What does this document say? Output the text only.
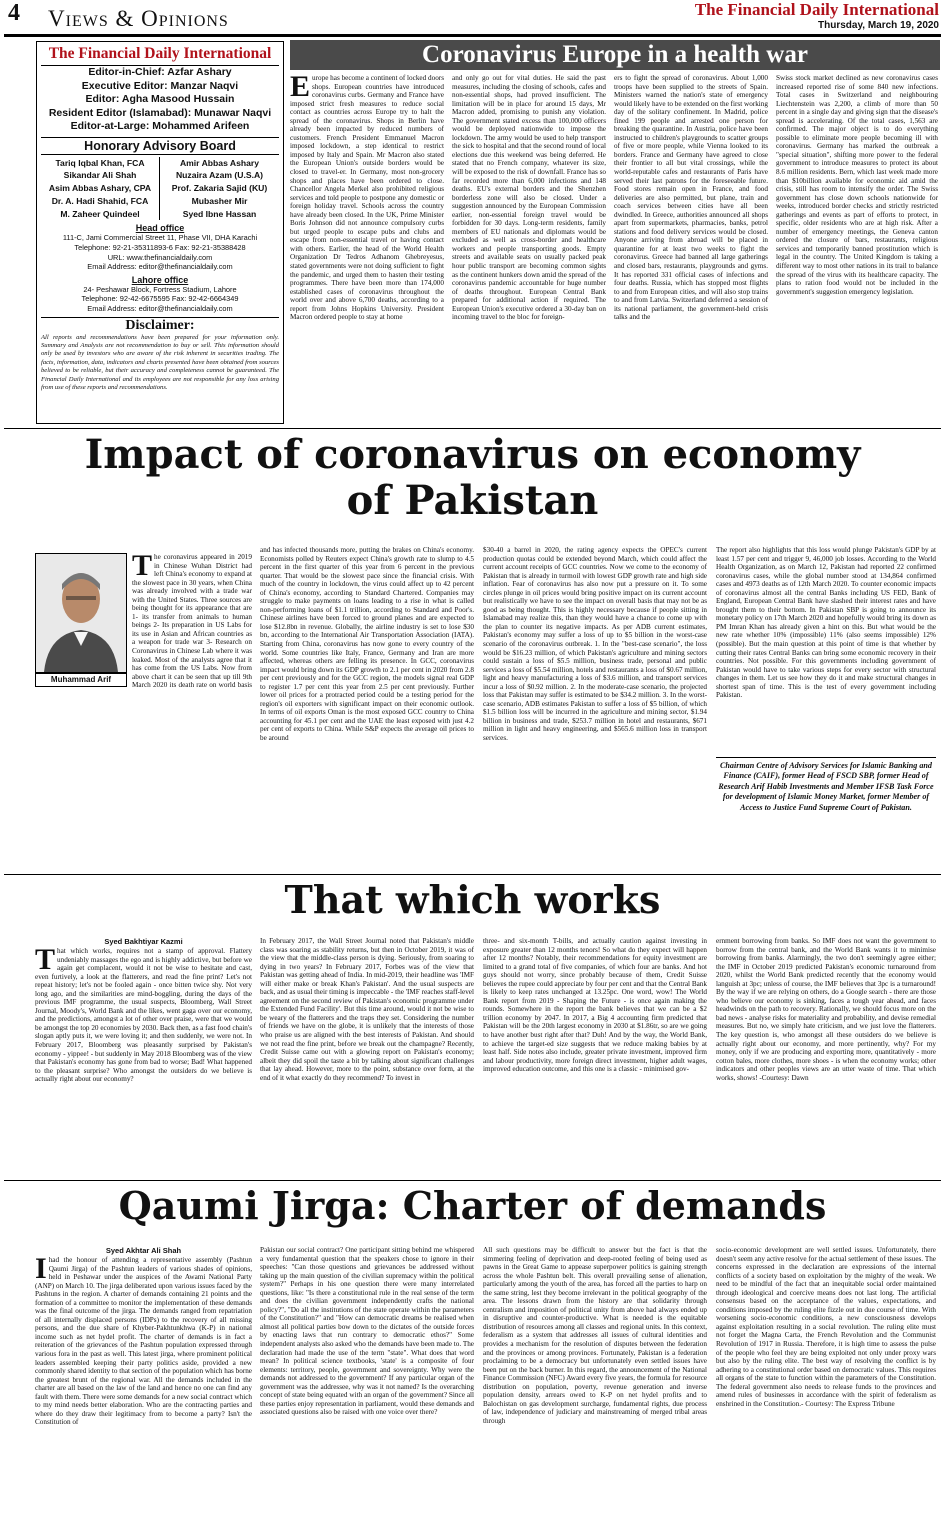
4 Views & Opinions	The Financial Daily International
Thursday, March 19, 2020
The Financial Daily International
Editor-in-Chief: Azfar Ashary
Executive Editor: Manzar Naqvi
Editor: Agha Masood Hussain
Resident Editor (Islamabad): Munawar Naqvi
Editor-at-Large: Mohammed Arifeen
Honorary Advisory Board
Tariq Iqbal Khan, FCA	Amir Abbas Ashary
Sikandar Ali Shah	Nuzaira Azam (U.S.A)
Asim Abbas Ashary, CPA	Prof. Zakaria Sajid (KU)
Dr. A. Hadi Shahid, FCA	Mubasher Mir
M. Zaheer Quindeel	Syed Ibne Hassan
Head office
111-C, Jami Commercial Street 11, Phase VII, DHA Karachi
Telephone: 92-21-35311893-6 Fax: 92-21-35388428
URL: www.thefinancialdaily.com
Email Address: editor@thefinancialdaily.com
Lahore office
24- Peshawar Block, Fortress Stadium, Lahore
Telephone: 92-42-6675595 Fax: 92-42-6664349
Email Address: editor@thefinancialdaily.com
Disclaimer:
All reports and recommendations have been prepared for your information only. Summary and Analysis are not recommendation to buy or sell. This information should only be used by investors who are aware of the risk inherent in securities trading. The facts, information, data, indicators and charts presented have been obtained from sources believed to be reliable, but their accuracy and completeness cannot be guaranteed. The Financial Daily International and its employees are not responsible for any loss arising from use of these reports and recommendations.
Coronavirus Europe in a health war
Europe has become a continent of locked doors shops. European countries have introduced coronavirus curbs. Germany and France have imposed strict fresh measures to reduce social contact as countries across Europe try to halt the spread of the coronavirus. Shops in Berlin have already been impacted by reduced numbers of customers. French President Emmanuel Macron imposed lockdown, a step identical to restrict imposed by Italy and Spain. Mr Macron also stated the European Union's outside borders would be closed to travel-er. In Germany, most non-grocery shops and places have been ordered to close. Chancellor Angela Merkel also prohibited religious services and told people to postpone any domestic or foreign holiday travel. Schools across the country have already been closed. In the UK, Prime Minister Boris Johnson did not announce compulsory curbs but urged people to escape pubs and clubs and escape from non-essential travel or having contact with others. Earlier, the head of the World Health Organization Dr Tedros Adhanom Ghebreyesus, stated governments were not doing sufficient to fight the pandemic, and urged them to hasten their testing programmes. There have been more than 174,000 established cases of coronavirus throughout the world over and above 6,700 deaths, according to a report from Johns Hopkins University. President Macron ordered people to stay at home
and only go out for vital duties. He said the past measures, including the closing of schools, cafes and non-essential shops, had proved insufficient. The limitation will be in place for around 15 days, Mr Macron added, promising to punish any violation. The government stated excess than 100,000 officers would be deployed nationwide to impose the lockdown. The army would be used to help transport the sick to hospital and that the second round of local elections due this weekend was being deferred. He stated that no French company, whatever its size, will be exposed to the risk of downfall. France has so far recorded more than 6,000 infections and 148 deaths. EU's external borders and the Shenzhen borderless zone will also be closed. Under a suggestion announced by the European Commission earlier, non-essential foreign travel would be forbidden for 30 days. Long-term residents, family members of EU nationals and diplomats would be excluded as well as cross-border and healthcare workers and people transporting goods. Empty streets and available seats on usually packed peak hour public transport are becoming common sights as the continent hunkers down amid the spread of the coronavirus pandemic accountable for huge number of deaths throughout. European Central Bank prepared for additional action if required. The European Union's executive ordered a 30-day ban on incoming travel to the bloc for foreign-
ers to fight the spread of coronavirus. About 1,000 troops have been supplied to the streets of Spain. Ministers warned the nation's state of emergency would likely have to be extended on the first working day of the solitary confinement. In Madrid, police fined 199 people and arrested one person for breaking the quarantine. In Austria, police have been instructed to children's playgrounds to scatter groups of five or more people, while Vienna looked to its borders. France and Germany have agreed to close their frontier to all but vital crossings, while the world-reputable cafes and restaurants of Paris have served their last patrons for the foreseeable future. Food stores remain open in France, and food deliveries are also permitted, but plane, train and coach services between cities have all been dwindled. In Greece, authorities announced all shops apart from supermarkets, pharmacies, banks, petrol stations and food delivery services would be closed. Anyone arriving from abroad will be placed in quarantine for at least two weeks to fight the coronavirus. Greece had banned all large gatherings and closed bars, restaurants, playgrounds and gyms. It has reported 331 official cases of infections and four deaths. Russia, which has stopped most flights to and from European cities, and will also stop trains to and from Latvia. Switzerland deferred a session of its national parliament, the government-held crisis talks and the
Swiss stock market declined as new coronavirus cases increased reported rise of some 840 new infections. Total cases in Switzerland and neighbouring Liechtenstein was 2,200, a climb of more than 50 percent in a single day and giving sign that the disease's spread is accelerating. Of the total cases, 1,563 are confirmed. The major object is to do everything possible to eliminate more people becoming ill with coronavirus. Germany has marked the outbreak a "special situation", shifting more power to the federal government to introduce measures to protect its about 8.6 million residents. Bern, which last week made more than $10billion available for economic aid amid the crisis, still has room to intensify the order. The Swiss government has close down schools nationwide for weeks, introduced border checks and strictly restricted gatherings and events as part of efforts to protect, in specific, older residents who are at high risk. After a number of emergency meetings, the Geneva canton ordered the closure of bars, restaurants, religious services and temporarily banned prostitution which is legal in the country. The United Kingdom is taking a different way to most other nations in its trail to balance the spread of the virus with its healthcare capacity. The plans to ration food would not be included in the government's suggestion emergency legislation.
Impact of coronavirus on economy
of Pakistan
Muhammad Arif
The coronavirus appeared in 2019 in Chinese Wuhan District had left China's economy to expand at the slowest pace in 30 years, when China was already involved with a trade war with the United States. Three sources are being thought for its appearance that are 1- its transfer from animals to human beings 2- Its preparation in US Labs for its use in Asian and African countries as a weapon for trade war 3- Research on Coronavirus in Chinese Lab where it was leaked. Most of the analysts agree that it has come from the US Labs. Now from above chart it can be seen that up till 9th March 2020 its death rate on world basis
and has infected thousands more, putting the brakes on China's economy. Economists polled by Reuters expect China's growth rate to slump to 4.5 percent in the first quarter of this year from 6 percent in the previous quarter. That would be the slowest pace since the financial crisis. With much of the country in lockdown, the virus could affect up to 42 percent of China's economy, according to Standard Chartered. Companies may struggle to make payments on loans leading to a rise in what is called non-performing loans of $1.1 trillion, according to Standard and Poor's. Chinese airlines have been forced to ground planes and are expected to lose $12.8bn in revenue. Globally, the airline industry is set to lose $30 bn, according to the International Air Transportation Association (IATA). Starting from China, coronavirus has now gone to every country of the world. Some countries like Italy, France, Germany and Iran are more affected, whereas others are felling its presence. In GCC, coronavirus impact would bring down its GDP growth to 2.1 per cent in 2020 from 2.8 per cent previously and for the GCC region, the models signal real GDP to register 1.7 per cent this year from 2.5 per cent previously. Further lower oil prices for a protracted period could be a testing period for the region's oil exporters with significant impact on their economic outlook. In terms of oil exports Oman is the most exposed GCC country to China accounting for 45.1 per cent and the UAE the least exposed with just 4.2 per cent of exports to China. While S&P expects the average oil prices to be around
$30-40 a barrel in 2020, the rating agency expects the OPEC's current production quotas could be extended beyond March, which could affect the current account receipts of GCC countries. Now we come to the economy of Pakistan that is already in turmoil with lowest GDP growth rate and high side inflation. Fear of coronavirus has also now put a pressure on it. To some circles plunge in oil prices would bring positive impact on its current account but realistically we have to see the impact on overall basis that may not be as good as being thought. This is highly necessary because if people sitting in Islamabad may realize this, than they would have a chance to come up with the plan to counter its negative impacts. As per ADB current estimates, Pakistan's economy may suffer a loss of up to $5 billion in the worst-case scenario of the coronavirus outbreak. 1. In the "best-case scenario", the loss would be $16.23 million, of which Pakistan's agriculture and mining sectors could sustain a loss of $5.5 million, business trade, personal and public services a loss of $5.54 million, hotels and restaurants a loss of $0.67 million, light and heavy manufacturing a loss of $3.6 million, and transport services incur a loss of $0.92 million. 2. In the moderate-case scenario, the projected loss that Pakistan may suffer is estimated to be $34.2 million. 3. In the worst-case scenario, ADB estimates Pakistan to suffer a loss of $5 billion, of which $1.5 billion loss will be incurred in the agriculture and mining sector, $1.94 billion in business and trade, $253.7 million in hotel and restaurants, $671 million in light and heavy engineering, and $565.6 million loss in transport services.
The report also highlights that this loss would plunge Pakistan's GDP by at least 1.57 per cent and trigger 9, 46,000 job losses. According to the World Health Organization, as on March 12, Pakistan had reported 22 confirmed coronavirus cases, while the global number stood at 134,864 confirmed cases and 4973 deaths as of 12th March 2020. To counter economic impacts of coronavirus almost all the central Banks including US FED, Bank of England, European Central Bank have slashed their interest rates and have brought them to their bottom. In Pakistan SBP is going to announce its monetary policy on 17th March 2020 and hopefully would bring its down as PM Imran Khan has already given a hint on this. But what would be the new rate whether 10% (impossible) 11% (also seems impossible) 12% (possible). But the main question at this point of time is that whether by cutting their rates Central Banks can bring some economic recovery in their countries. Not possible. For this governments including government of Pakistan would have to take various steps for every sector with structural changes in them. Let us see how they do it and make structural changes in shortest span of time. This is the test of every government including Pakistan.
Chairman Centre of Advisory Services for Islamic Banking and Finance (CAIF), former Head of FSCD SBP, former Head of Research Arif Habib Investments and Member IFSB Task Force for development of Islamic Money Market, former Member of Access to Justice Fund Supreme Court of Pakistan.
That which works
Syed Bakhtiyar Kazmi
That which works, requires not a stamp of approval. Flattery undeniably massages the ego and is highly addictive, but before we again get complacent, would it not be wise to hesitate and cast, even furtively, a look at the flatterers, and read the fine print? Let's not repeat history; let's not be fooled again - once bitten twice shy. Not very long ago, and the similarities are mind-boggling, during the days of the previous IMF programme, the usual suspects, Bloomberg, Wall Street Journal, Moody's, World Bank and the likes, went gaga over our economy, and the predictions, amongst a lot of other over praise, were that we would be amongst the top 20 economies by 2030. Back then, as a fast food chain's slogan aptly puts it, we were loving it; and then suddenly, we were not. In February 2017, Bloomberg was pleasantly surprised by Pakistan's economy - yippee! - but suddenly in May 2018 Bloomberg was of the view that Pakistan's economy has gone from bad to worse; Bad! What happened to the pleasant surprise? Who amongst the outsiders do we believe is actually right about our economy?
In February 2017, the Wall Street Journal noted that Pakistan's middle class was soaring as stability returns, but then in October 2019, it was of the view that the middle-class person is dying. Seriously, from soaring to dying in two years? In February 2017, Forbes was of the view that Pakistan was getting ahead of India. In mid-2019, their headline was 'IMF will either make or break Khan's Pakistan'. And the usual suspects are back, and as usual their timing is impeccable - the 'IMF reaches staff-level agreement on the second review of Pakistan's economic programme under the Extended Fund Facility'. But this time around, would it not be wise to be weary of the flatterers and the traps they set. Considering the number of friends we have on the globe, it is unlikely that the interests of those who praise us are aligned with the best interests of Pakistan. And should we not read the fine print, before we break out the champagne? Recently, Credit Suisse came out with a glowing report on Pakistan's economy; albeit they did spoil the taste a bit by talking about significant challenges that lay ahead. However, more to the point, substance over form, at the end of it what exactly do they recommend? To invest in
three- and six-month T-bills, and actually caution against investing in exposure greater than 12 months tenors! So what do they expect will happen after 12 months? Notably, their recommendations for equity investment are limited to a grand total of five companies, of which four are banks. And hot guys should not worry, since probably because of them, Credit Suisse believes the rupee could appreciate by four per cent and that the Central Bank is likely to keep rates unchanged at 13.25pc. One word, wow! The World Bank report from 2019 - Shaping the Future - is once again making the rounds. Somewhere in the report the bank believes that we can be a $2 trillion economy by 2047. In 2017, a Big 4 accounting firm predicted that Pakistan will be the 20th largest economy in 2030 at $1.86tr, so are we going to have another bust right after that? Duh! And by the way, the World Bank, to achieve the target-ed size suggests that we reduce making babies by at least half. Side notes also include, greater private investment, improved firm and labour productivity, more foreign direct investment, higher adult wages, improved education outcome, and this one is a classic - minimised gov-
ernment borrowing from banks. So IMF does not want the government to borrow from the central bank, and the World Bank wants it to minimise borrowing from banks. Alarmingly, the two don't seemingly agree either; the IMF in October 2019 predicted Pakistan's economic turnaround from 2020, whilst the World Bank predicted recently that the economy would languish at 3pc; unless of course, the IMF believes that 3pc is a turnaround! By the way if we are relying on others, do a Google search - there are those who believe our economy is sinking, faces a tough year ahead, and faces headwinds on the path to recovery. Rationally, we should focus more on the bad news - analyse risks for materiality and probability, and devise remedial measures. But no, we simply hate criticism, and we just love the flatterers. The key question is, who amongst all these outsiders do we believe is actually right about our economy, and more pertinently, why? For my money, only if we are producing and exporting more, quantitatively - more cotton bales, more clothes, more shoes - is when the economy works; other indicators and other peoples views are an utter waste of time. That which works, shows! -Courtesy: Dawn
Qaumi Jirga: Charter of demands
Syed Akhtar Ali Shah
Ihad the honour of attending a representative assembly (Pashtun Qaumi Jirga) of the Pashtun leaders of various shades of opinions, held in Peshawar under the auspices of the Awami National Party (ANP) on March 10. The jirga deliberated upon various issues faced by the Pashtuns in the region. A charter of demands containing 21 points and the formation of a committee to monitor the implementation of these demands was the final outcome of the jirga. The demands ranged from repatriation of all internally displaced persons (IDPs) to the recovery of all missing persons, and the due share of Khyber-Pakhtunkhwa (K-P) in national income such as net hydel profit. The charter of demands is in fact a reiteration of the grievances of the Pashtun population expressed through various fora in the past as well. This latest jirga, where prominent political leaders assembled keeping their party politics aside, provided a new commonly shared identity to that section of the population which has borne the greatest brunt of the regional war. All the demands included in the charter are all based on the law of the land and hence no one can find any fault with them. There were some demands for a new social contract which to my mind needs better elaboration. Who are the contracting parties and where do they draw their legitimacy from to become a party? Isn't the Constitution of
Pakistan our social contract? One participant sitting behind me whispered a very fundamental question that the speakers chose to ignore in their speeches: "Can those questions and grievances be addressed without taking up the main question of the civilian supremacy within the political system?" Perhaps in his one question there were many interrelated questions, like: "Is there a constitutional rule in the real sense of the term and does the civilian government independently crafts the national policy?", "Do all the institutions of the state operate within the parameters of the Constitution?" and "How can democratic dreams be realised when almost all political parties bow down to the dictates of the outside forces by enacting laws that run contrary to democratic ethos?" Some independent analysts also asked who the demands have been made to. The declaration had made the use of the term "state". What does that word mean? In political science textbooks, 'state' is a composite of four elements: territory, people, government and sovereignty. Why were the demands not addressed to the government? If any particular organ of the government was the addressee, why was it not named? Is the overarching concept of state being equated with an organ of the government? Since all these parties enjoy representation in parliament, would these demands and associated questions also be raised with one voice over there?
All such questions may be difficult to answer but the fact is that the simmering feeling of deprivation and deep-rooted feeling of being used as pawns in the Great Game to appease superpower politics is gaining strength across the whole Pashtun belt. This overall prevailing sense of alienation, particularly among the youth of the area, has forced all the parties to harp on the same string, lest they become irrelevant in the political geography of the area. The lessons drawn from the history are that solidarity through centralism and imposition of political unity from above had always ended up in disruptive and counter-productive. What is needed is the equitable distribution of resources among all classes and regional units. In this context, federalism as a system that addresses all issues of cultural identities and provides a mechanism for the resolution of disputes between the federation and the provinces or among provinces. Fortunately, Pakistan is a federation proclaiming to be a democracy but unfortunately even settled issues have been put on the back burner. In this regard, the announcement of the National Finance Commission (NFC) Award every five years, the formula for resource distribution on population, poverty, revenue generation and inverse population density, arrears owed to K-P on net hydel profits and to Balochistan on gas development surcharge, fundamental rights, due process of law, independence of judiciary and mainstreaming of merged tribal areas through
socio-economic development are well settled issues. Unfortunately, there doesn't seem any active resolve for the actual settlement of these issues. The concerns expressed in the declaration are expressions of the internal conflicts of a society based on exploitation by the mighty of the weak. We need to be mindful of the fact that an inequitable social order maintained through ideological and coercive means does not last long. The artificial consensus based on the acceptance of the values, expectations, and conditions imposed by the ruling elite fizzle out in due course of time. With worsening socio-economic conditions, a new consciousness develops against exploitation resulting in a social revolution. The ruling elite must not forget the Magna Carta, the French Revolution and the Communist Revolution of 1917 in Russia. Therefore, it is high time to assess the pulse of the people who feel they are being exploited not only under proxy wars but also by the ruling elite. The best way of resolving the conflict is by adhering to a constitutional order based on democratic values. This requires all organs of the state to function within the parameters of the Constitution. The federal government also needs to release funds to the provinces and amend rules of businesses in accordance with the spirit of federalism as enshrined in the Constitution.- Courtesy: The Express Tribune
